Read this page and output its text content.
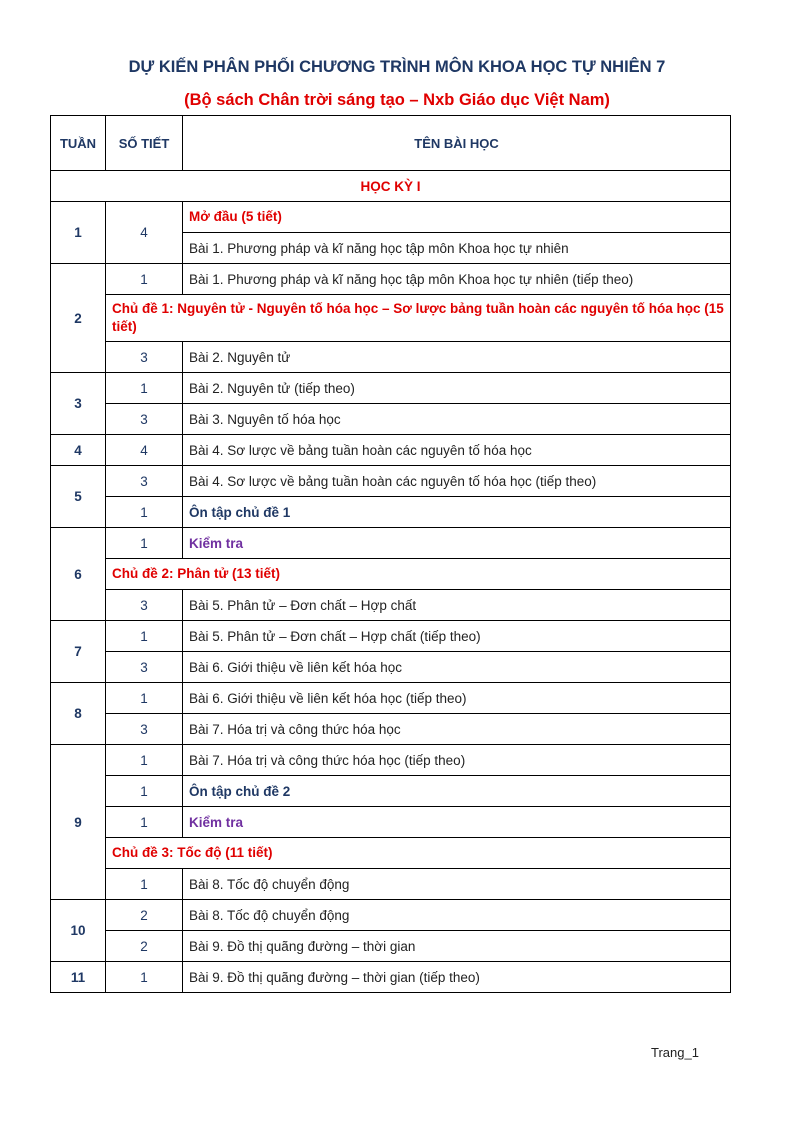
DỰ KIẾN PHÂN PHỐI CHƯƠNG TRÌNH MÔN KHOA HỌC TỰ NHIÊN 7
(Bộ sách Chân trời sáng tạo – Nxb Giáo dục Việt Nam)
TUẦN	SỐ TIẾT	TÊN BÀI HỌC
HỌC KỲ I		
1	4	Mở đầu (5 tiết)
		Bài 1. Phương pháp và kĩ năng học tập môn Khoa học tự nhiên
2	1	Bài 1. Phương pháp và kĩ năng học tập môn Khoa học tự nhiên (tiếp theo)
	Chủ đề 1: Nguyên tử - Nguyên tố hóa học – Sơ lược bảng tuần hoàn các nguyên tố hóa học (15 tiết)	
	3	Bài 2. Nguyên tử
3	1	Bài 2. Nguyên tử (tiếp theo)
	3	Bài 3. Nguyên tố hóa học
4	4	Bài 4. Sơ lược về bảng tuần hoàn các nguyên tố hóa học
5	3	Bài 4. Sơ lược về bảng tuần hoàn các nguyên tố hóa học (tiếp theo)
	1	Ôn tập chủ đề 1
6	1	Kiểm tra
	Chủ đề 2: Phân tử (13 tiết)	
	3	Bài 5. Phân tử – Đơn chất – Hợp chất
7	1	Bài 5. Phân tử – Đơn chất – Hợp chất (tiếp theo)
	3	Bài 6. Giới thiệu về liên kết hóa học
8	1	Bài 6. Giới thiệu về liên kết hóa học (tiếp theo)
	3	Bài 7. Hóa trị và công thức hóa học
9	1	Bài 7. Hóa trị và công thức hóa học (tiếp theo)
	1	Ôn tập chủ đề 2
	1	Kiểm tra
	Chủ đề 3: Tốc độ (11 tiết)	
	1	Bài 8. Tốc độ chuyển động
10	2	Bài 8. Tốc độ chuyển động
	2	Bài 9. Đồ thị quãng đường – thời gian
11	1	Bài 9. Đồ thị quãng đường – thời gian (tiếp theo)
Trang_1
